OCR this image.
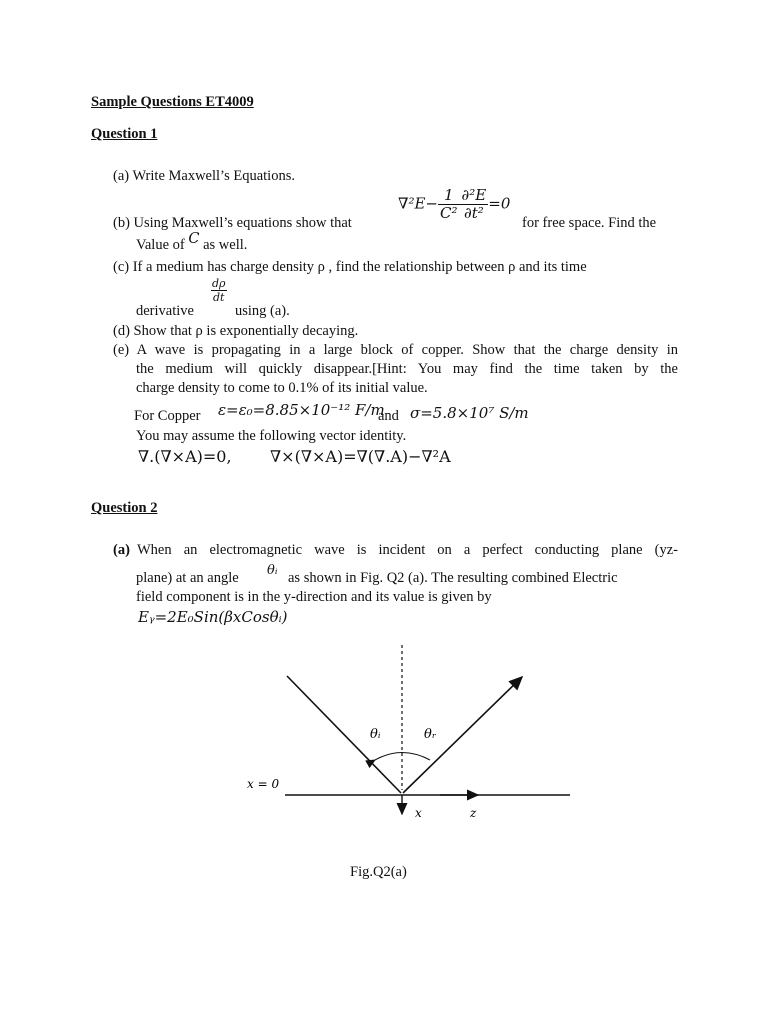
Sample Questions ET4009
Question 1
(a) Write Maxwell’s Equations.
$\nabla^2E- \frac{1}{\text{C²}} \frac{\text{∂²E}}{\text{∂t²}} =0$
(b) Using Maxwell’s equations show that	for free space. Find the
Value of C as well.
(c) If a medium has charge density ρ , find the relationship between ρ and its time
dρ
dt
derivative	using (a).
(d) Show that ρ is exponentially decaying.
(e) A wave is propagating in a large block of copper. Show that the charge density in
the medium will quickly disappear.[Hint: You may find the time taken by the
charge density to come to 0.1% of its initial value.
For Copper ε=ε₀=8.85×10⁻¹² F/m
and σ=5.8×10⁷ S/m
You may assume the following vector identity.
∇.(∇×A)=0, ∇×(∇×A)=∇(∇.A)−∇²A
Question 2
(a) When an electromagnetic wave is incident on a perfect conducting plane (yz-
plane) at an angle θᵢ as shown in Fig. Q2 (a). The resulting combined Electric
field component is in the y-direction and its value is given by
Eᵧ=2E₀Sin(βxCosθᵢ)
θᵢ	θᵣ
x = 0
x	z
Fig.Q2(a)
